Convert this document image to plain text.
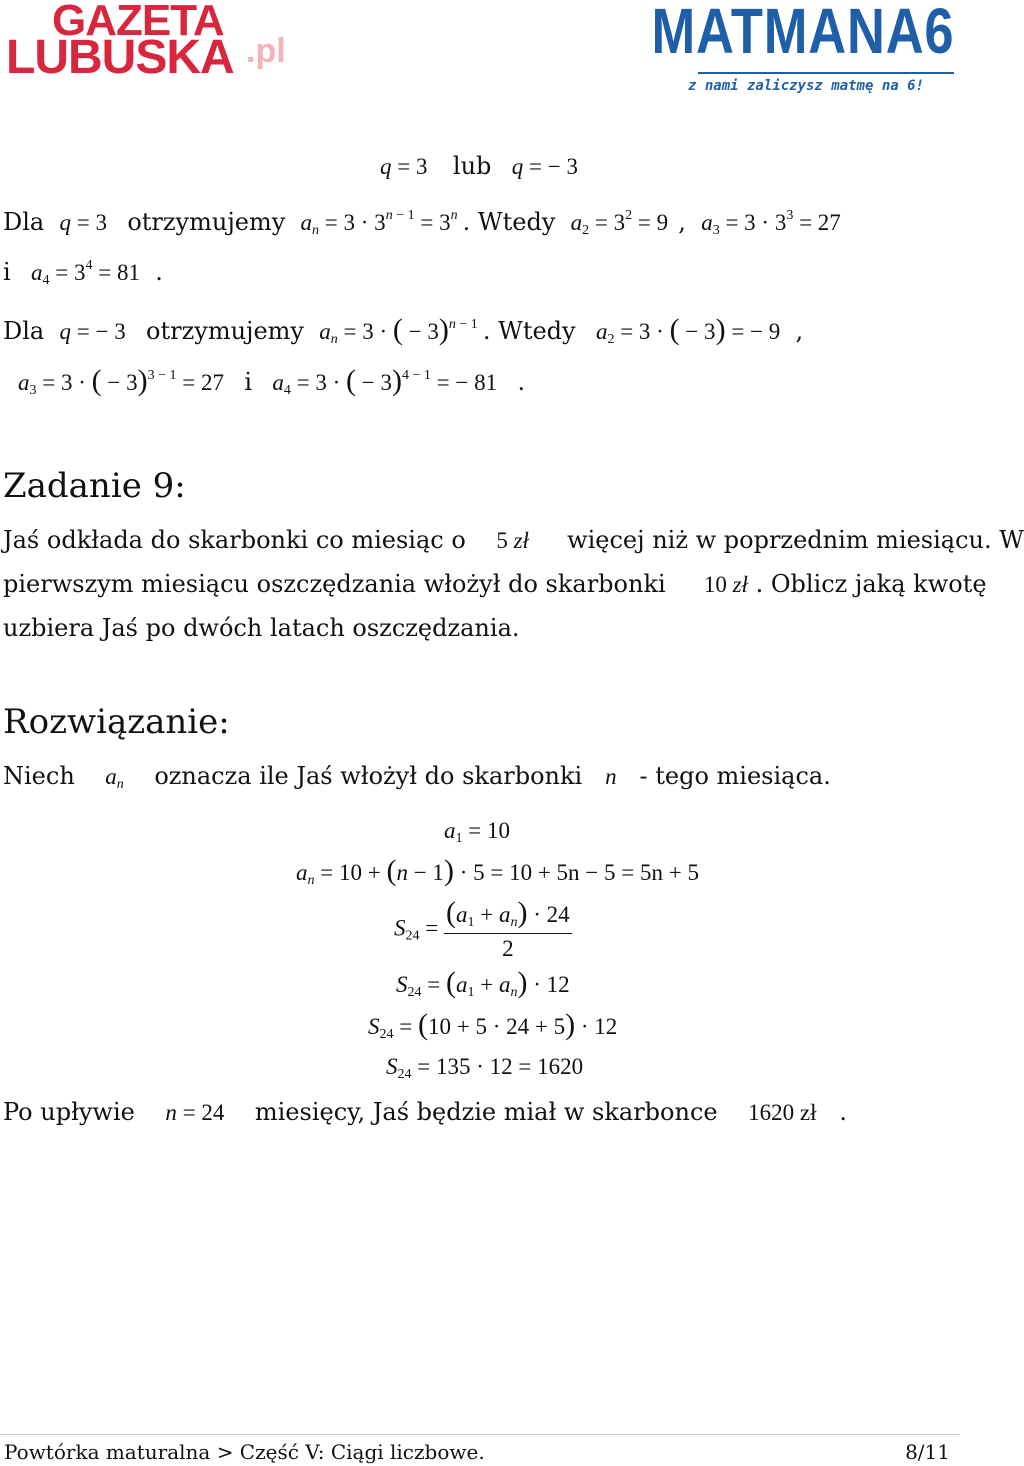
GAZETA
LUBUSKA .pl	MATMANA6
z nami zaliczysz matmę na 6!
q = 3 lub q = − 3
Dla q = 3 otrzymujemy $a_n = 3 \cdot 3^{n - 1} = 3^n$ . Wtedy $a_2 = 3^2 = 9$ , $a_3 = 3 \cdot 3^3 = 27$
i $a_4 = 3^4 = 81$ .
Dla q = − 3 otrzymujemy $a_n = 3$ · ( − 3)$^{n - 1}$ . Wtedy $a_2 = 3$ · ( − 3) = − 9 ,
$a_3 = 3$ · ( − 3)$^{3 - 1}$ = 27 i $a_4 = 3$ · ( − 3)$^{4 - 1}$ = − 81 .
Zadanie 9:
Jaś odkłada do skarbonki co miesiąc o 5 zł więcej niż w poprzednim miesiącu. W
pierwszym miesiącu oszczędzania włożył do skarbonki 10 zł . Oblicz jaką kwotę
uzbiera Jaś po dwóch latach oszczędzania.
Rozwiązanie:
Niech $a_n$ oznacza ile Jaś włożył do skarbonki n - tego miesiąca.
$a_1 = 10$
$a_n = 10 + (n - 1) \cdot 5 = 10 + 5n - 5 = 5n + 5$
$S_{24} = \frac{(a_1 + a_n) \cdot 24}{2}$
$S_{24} = (a_1 + a_n) \cdot 12$
$S_{24} = (10 + 5 \cdot 24 + 5) \cdot 12$
$S_{24} = 135 \cdot 12 = 1620$
Po upływie n = 24 miesięcy, Jaś będzie miał w skarbonce 1620 zł .
Powtórka maturalna > Część V: Ciągi liczbowe.	8/11
